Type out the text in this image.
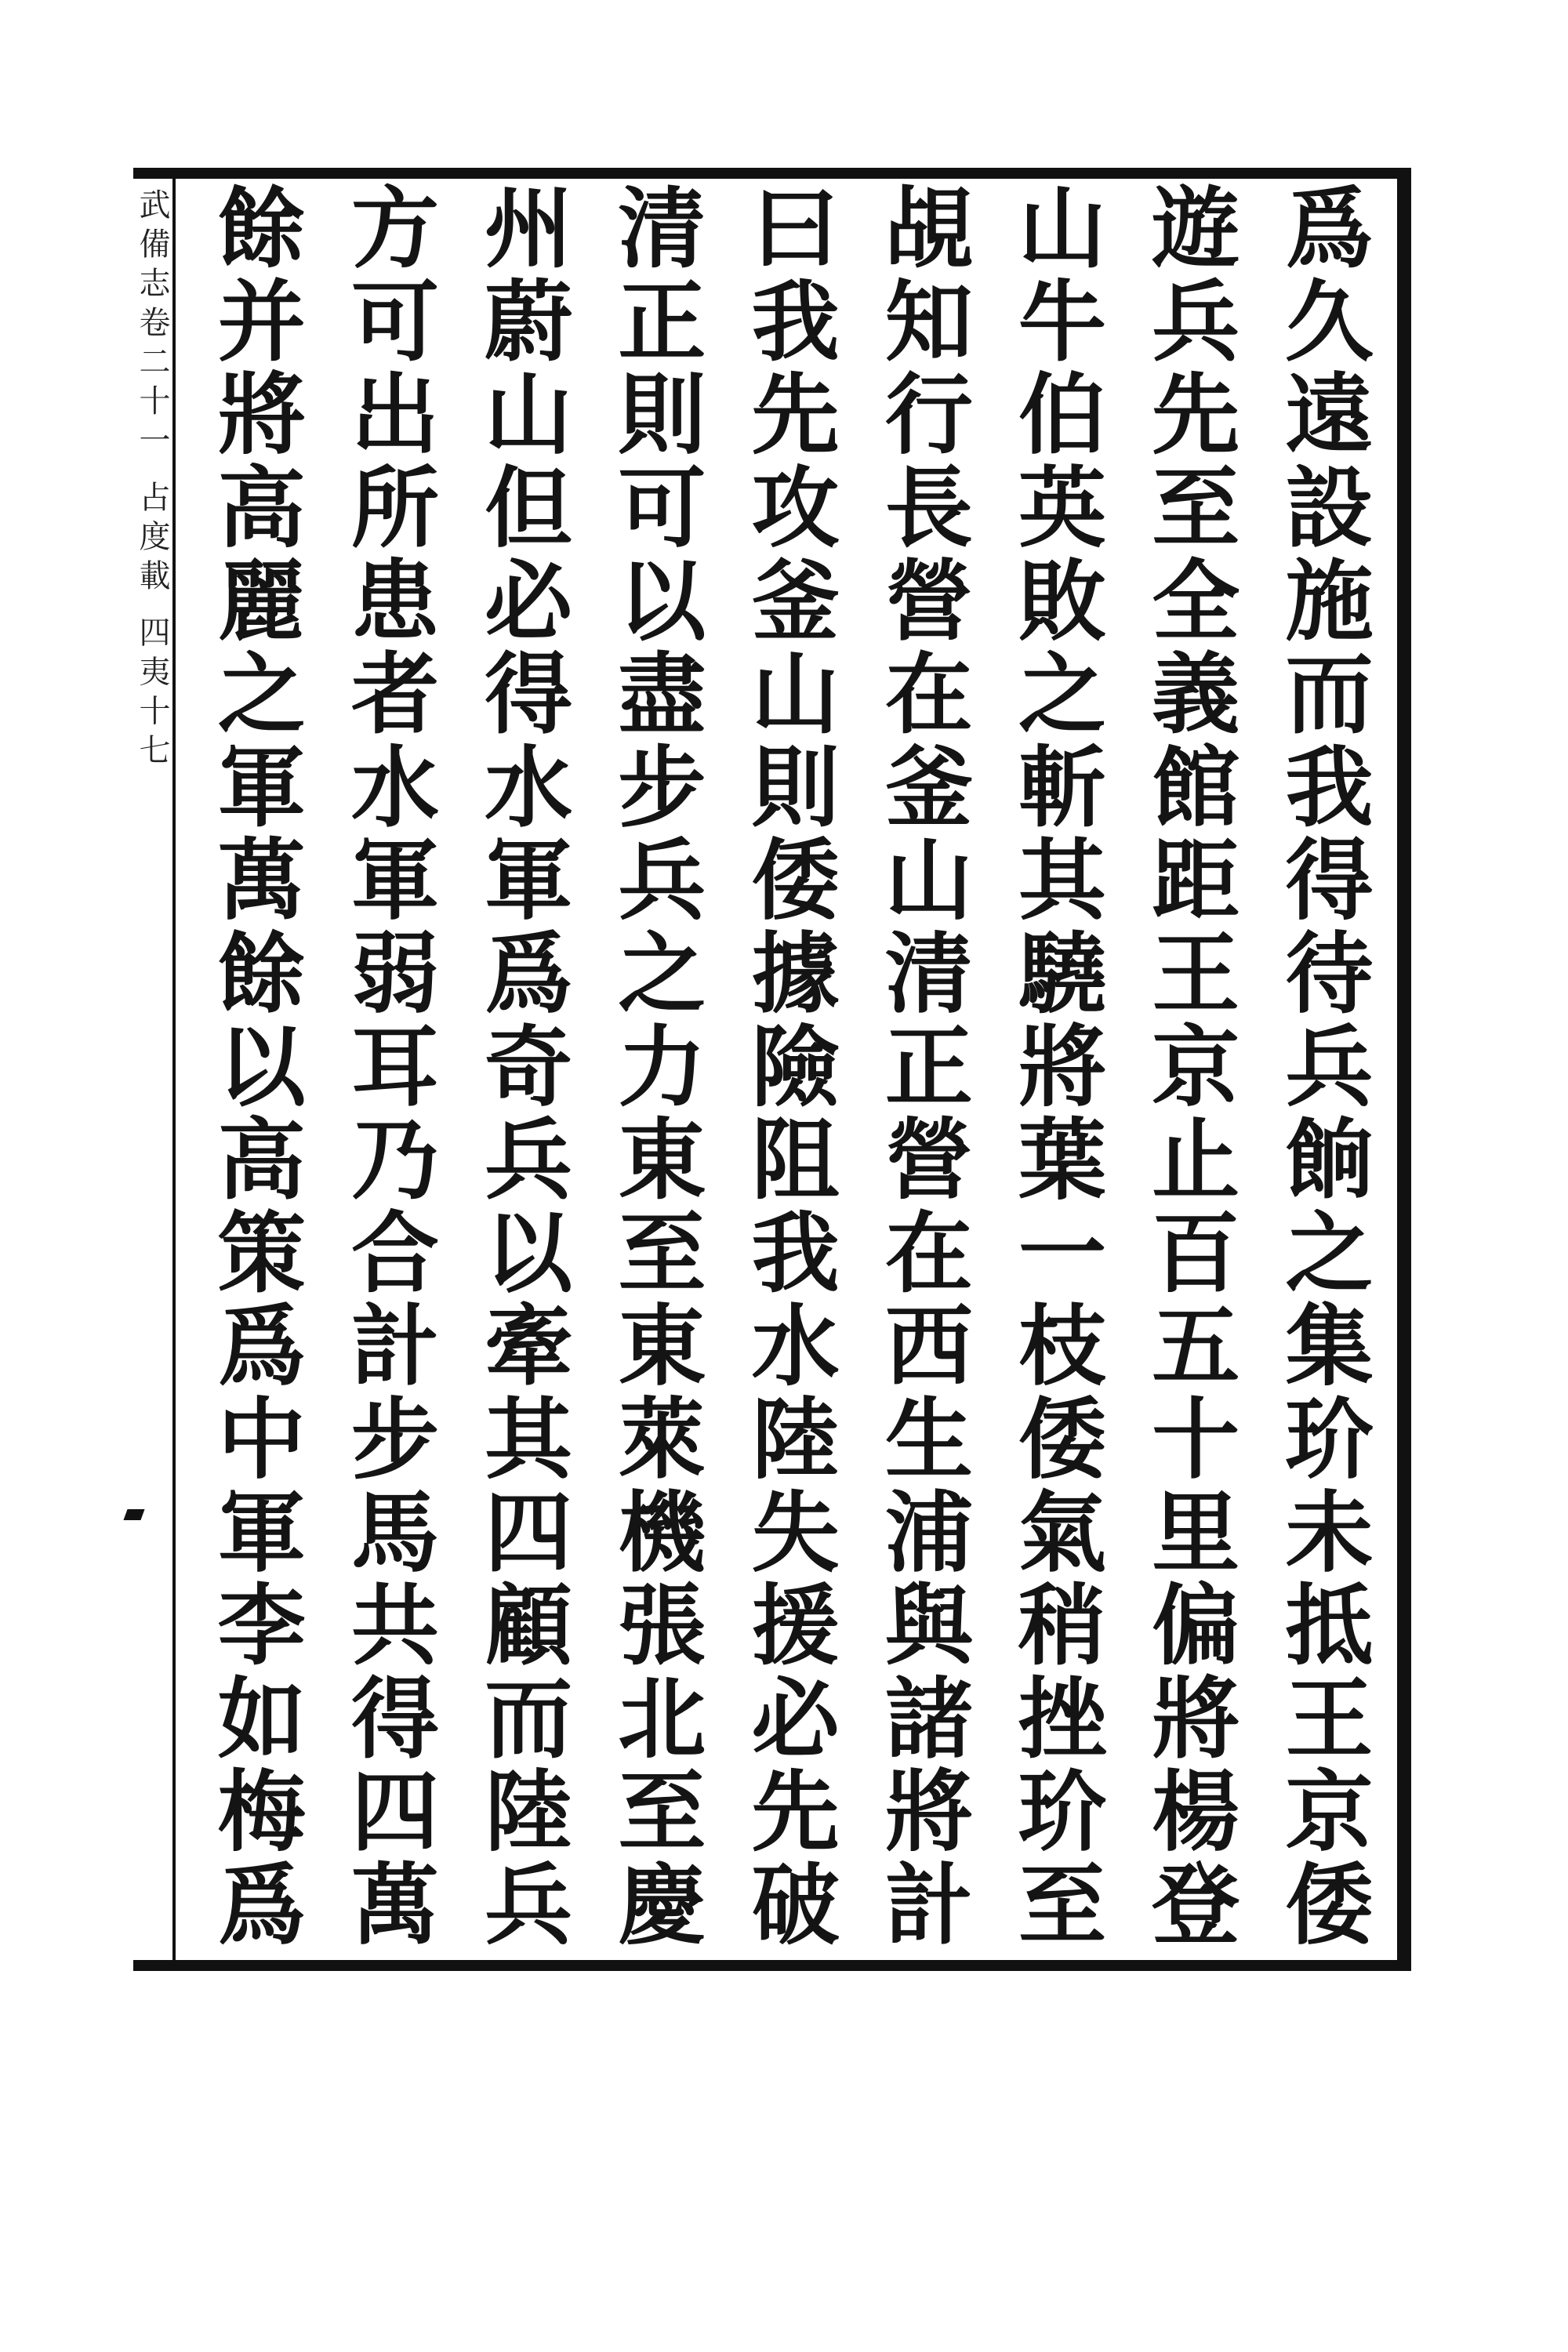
武備志卷二十一 占度載 四夷十七	爲久遠設施而我得待兵餉之集玠未抵王京倭
遊兵先至全義館距王京止百五十里偏將楊登
山牛伯英敗之斬其驍將葉一枝倭氣稍挫玠至
覘知行長營在釜山清正營在西生浦與諸將計
曰我先攻釜山則倭據險阻我水陸失援必先破
清正則可以盡步兵之力東至東萊機張北至慶
州蔚山但必得水軍爲奇兵以牽其四顧而陸兵
方可出所患者水軍弱耳乃合計步馬共得四萬
餘并將高麗之軍萬餘以高策爲中軍李如梅爲
